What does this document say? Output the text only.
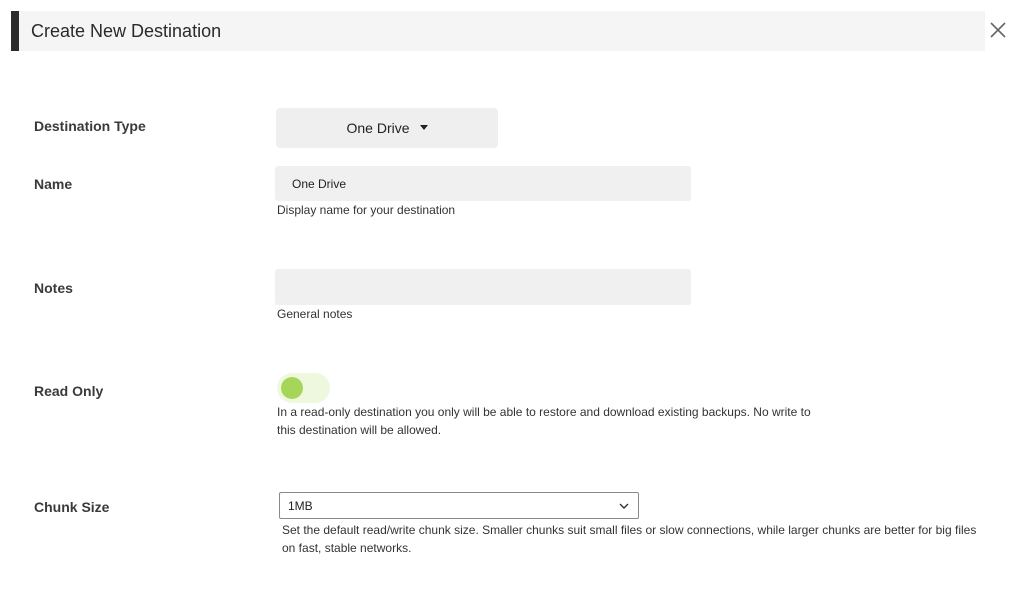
Create New Destination
Destination Type	One Drive
Name
One Drive
Display name for your destination
Notes
General notes
Read Only
In a read-only destination you only will be able to restore and download existing backups. No write to this destination will be allowed.
Chunk Size	1MB
Set the default read/write chunk size. Smaller chunks suit small files or slow connections, while larger chunks are better for big files on fast, stable networks.
